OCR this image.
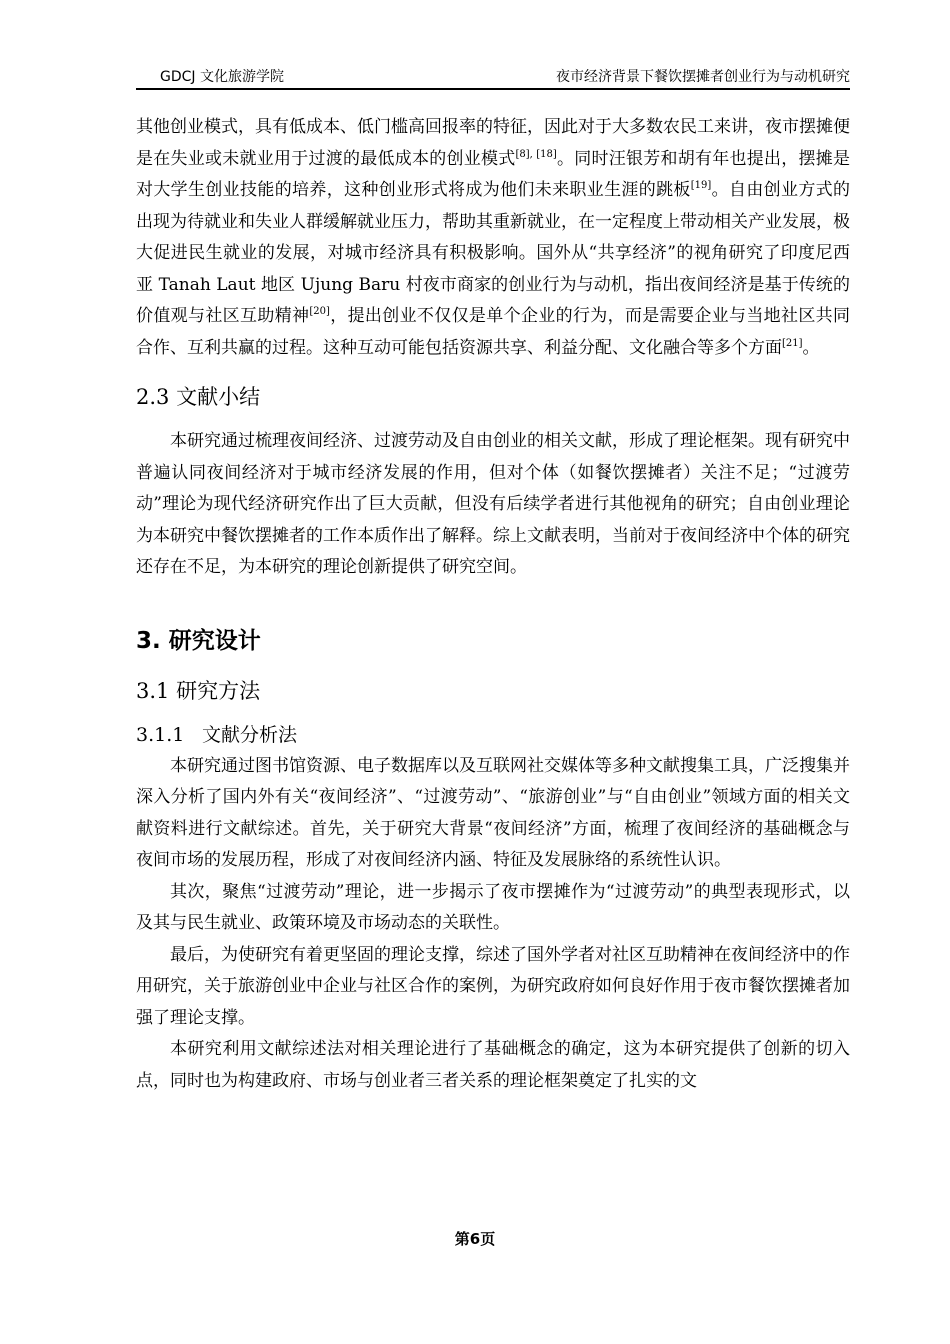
GDCJ 文化旅游学院	夜市经济背景下餐饮摆摊者创业行为与动机研究

其他创业模式，具有低成本、低门槛高回报率的特征，因此对于大多数农民工来讲，夜市摆摊便是在失业或未就业用于过渡的最低成本的创业模式[8], [18]。同时汪银芳和胡有年也提出，摆摊是对大学生创业技能的培养，这种创业形式将成为他们未来职业生涯的跳板[19]。自由创业方式的出现为待就业和失业人群缓解就业压力，帮助其重新就业，在一定程度上带动相关产业发展，极大促进民生就业的发展，对城市经济具有积极影响。国外从“共享经济”的视角研究了印度尼西亚 Tanah Laut 地区 Ujung Baru 村夜市商家的创业行为与动机，指出夜间经济是基于传统的价值观与社区互助精神[20]，提出创业不仅仅是单个企业的行为，而是需要企业与当地社区共同合作、互利共赢的过程。这种互动可能包括资源共享、利益分配、文化融合等多个方面[21]。

2.3 文献小结

本研究通过梳理夜间经济、过渡劳动及自由创业的相关文献，形成了理论框架。现有研究中普遍认同夜间经济对于城市经济发展的作用，但对个体（如餐饮摆摊者）关注不足；“过渡劳动”理论为现代经济研究作出了巨大贡献，但没有后续学者进行其他视角的研究；自由创业理论为本研究中餐饮摆摊者的工作本质作出了解释。综上文献表明，当前对于夜间经济中个体的研究还存在不足，为本研究的理论创新提供了研究空间。

3. 研究设计
3.1 研究方法
3.1.1 文献分析法

本研究通过图书馆资源、电子数据库以及互联网社交媒体等多种文献搜集工具，广泛搜集并深入分析了国内外有关“夜间经济”、“过渡劳动”、“旅游创业”与“自由创业”领域方面的相关文献资料进行文献综述。首先，关于研究大背景“夜间经济”方面，梳理了夜间经济的基础概念与夜间市场的发展历程，形成了对夜间经济内涵、特征及发展脉络的系统性认识。

其次，聚焦“过渡劳动”理论，进一步揭示了夜市摆摊作为“过渡劳动”的典型表现形式，以及其与民生就业、政策环境及市场动态的关联性。

最后，为使研究有着更坚固的理论支撑，综述了国外学者对社区互助精神在夜间经济中的作用研究，关于旅游创业中企业与社区合作的案例，为研究政府如何良好作用于夜市餐饮摆摊者加强了理论支撑。

本研究利用文献综述法对相关理论进行了基础概念的确定，这为本研究提供了创新的切入点，同时也为构建政府、市场与创业者三者关系的理论框架奠定了扎实的文

第6页
